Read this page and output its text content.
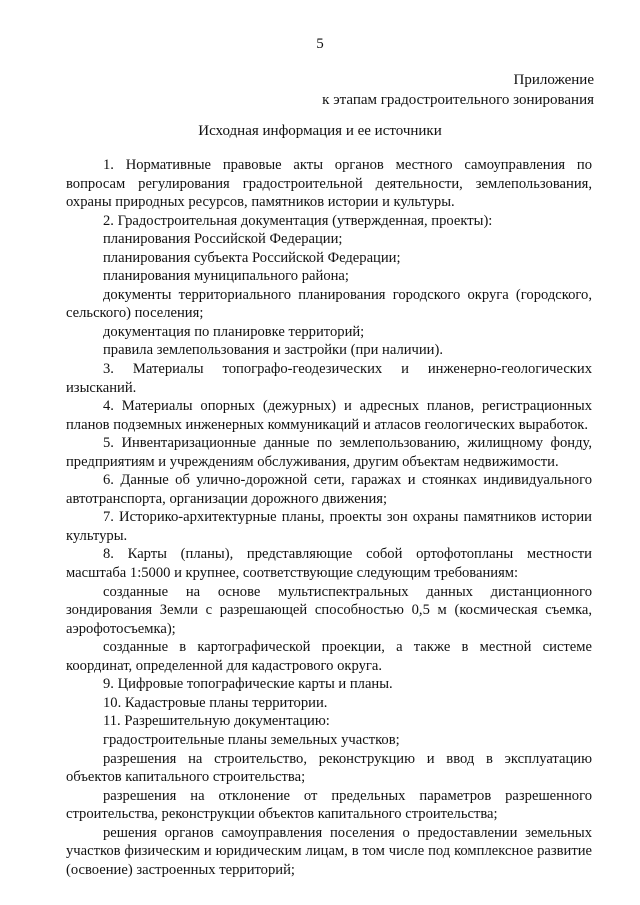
5
Приложение
к этапам градостроительного зонирования
Исходная информация и ее источники

1. Нормативные правовые акты органов местного самоуправления по вопросам регулирования градостроительной деятельности, землепользования, охраны природных ресурсов, памятников истории и культуры.

2. Градостроительная документация (утвержденная, проекты):

планирования Российской Федерации;

планирования субъекта Российской Федерации;

планирования муниципального района;

документы территориального планирования городского округа (городского, сельского) поселения;

документация по планировке территорий;

правила землепользования и застройки (при наличии).

3. Материалы топографо-геодезических и инженерно-геологических изысканий.

4. Материалы опорных (дежурных) и адресных планов, регистрационных планов подземных инженерных коммуникаций и атласов геологических выработок.

5. Инвентаризационные данные по землепользованию, жилищному фонду, предприятиям и учреждениям обслуживания, другим объектам недвижимости.

6. Данные об улично-дорожной сети, гаражах и стоянках индивидуального автотранспорта, организации дорожного движения;

7. Историко-архитектурные планы, проекты зон охраны памятников истории культуры.

8. Карты (планы), представляющие собой ортофотопланы местности масштаба 1:5000 и крупнее, соответствующие следующим требованиям:

созданные на основе мультиспектральных данных дистанционного зондирования Земли с разрешающей способностью 0,5 м (космическая съемка, аэрофотосъемка);

созданные в картографической проекции, а также в местной системе координат, определенной для кадастрового округа.

9. Цифровые топографические карты и планы.

10. Кадастровые планы территории.

11. Разрешительную документацию:

градостроительные планы земельных участков;

разрешения на строительство, реконструкцию и ввод в эксплуатацию объектов капитального строительства;

разрешения на отклонение от предельных параметров разрешенного строительства, реконструкции объектов капитального строительства;

решения органов самоуправления поселения о предоставлении земельных участков физическим и юридическим лицам, в том числе под комплексное развитие (освоение) застроенных территорий;
